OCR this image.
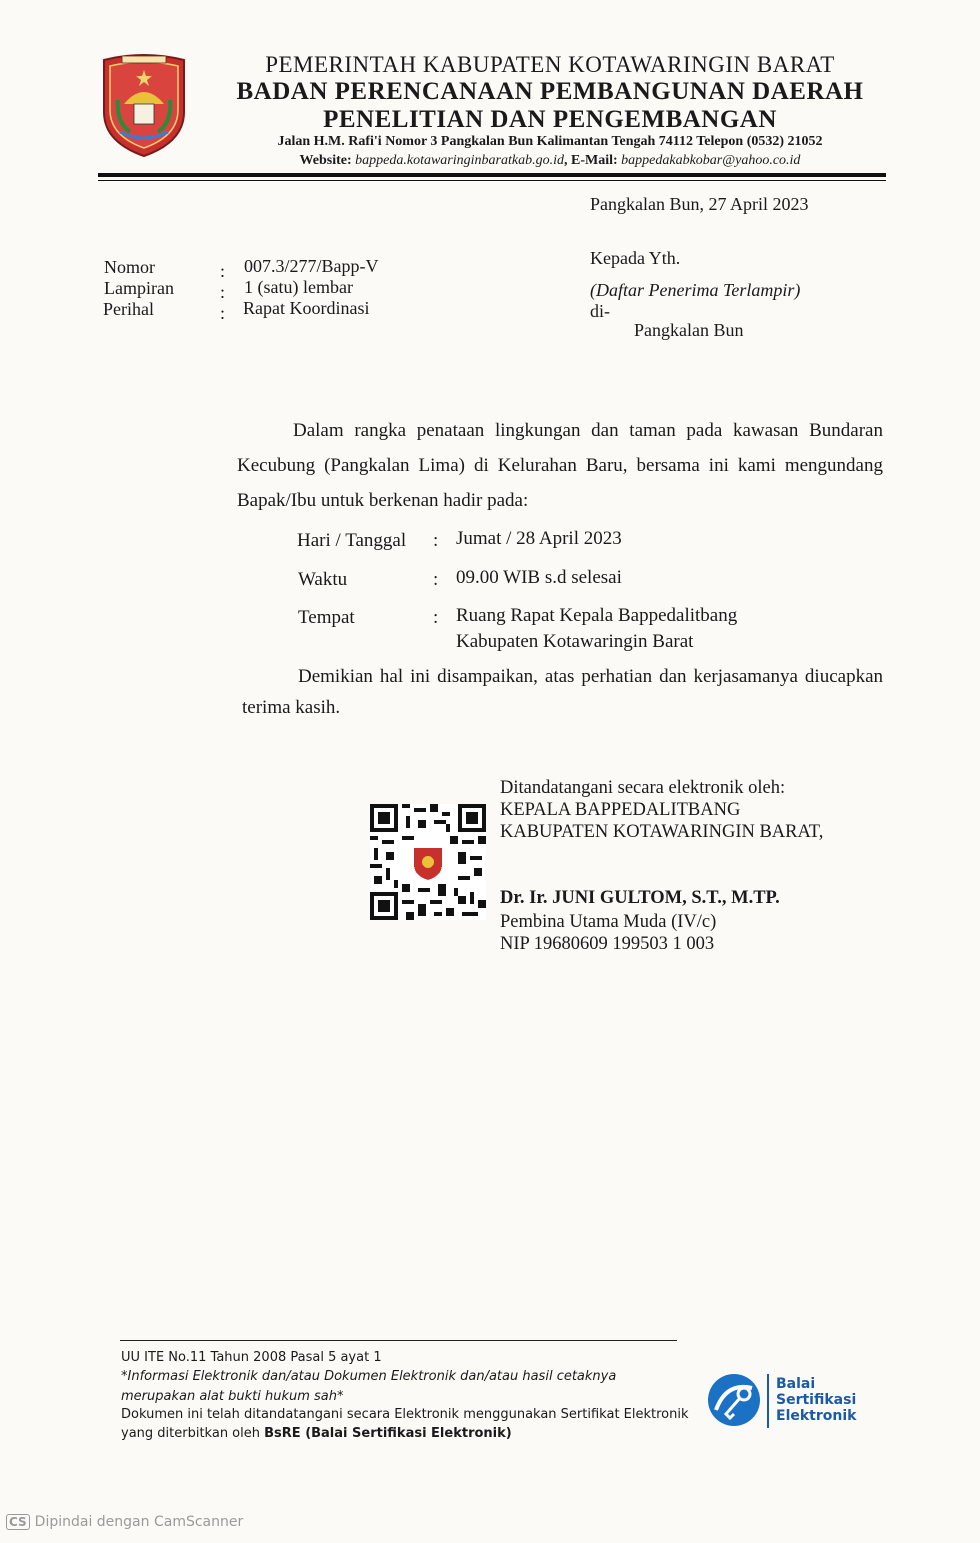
PEMERINTAH KABUPATEN KOTAWARINGIN BARAT
BADAN PERENCANAAN PEMBANGUNAN DAERAH
PENELITIAN DAN PENGEMBANGAN
Jalan H.M. Rafi'i Nomor 3 Pangkalan Bun Kalimantan Tengah 74112 Telepon (0532) 21052
Website: bappeda.kotawaringinbaratkab.go.id, E-Mail: bappedakabkobar@yahoo.co.id
Pangkalan Bun, 27 April 2023
Nomor	: 007.3/277/Bapp-V
Lampiran	: 1 (satu) lembar
Perihal	: Rapat Koordinasi
Kepada Yth.
(Daftar Penerima Terlampir)
di-
Pangkalan Bun
Dalam rangka penataan lingkungan dan taman pada kawasan Bundaran Kecubung (Pangkalan Lima) di Kelurahan Baru, bersama ini kami mengundang Bapak/Ibu untuk berkenan hadir pada:
Hari / Tanggal : Jumat / 28 April 2023
Waktu	: 09.00 WIB s.d selesai
Tempat	: Ruang Rapat Kepala Bappedalitbang
Kabupaten Kotawaringin Barat
Demikian hal ini disampaikan, atas perhatian dan kerjasamanya diucapkan terima kasih.
Ditandatangani secara elektronik oleh:
KEPALA BAPPEDALITBANG
KABUPATEN KOTAWARINGIN BARAT,
Dr. Ir. JUNI GULTOM, S.T., M.TP.
Pembina Utama Muda (IV/c)
NIP 19680609 199503 1 003
UU ITE No.11 Tahun 2008 Pasal 5 ayat 1
*Informasi Elektronik dan/atau Dokumen Elektronik dan/atau hasil cetaknya
merupakan alat bukti hukum sah*
Dokumen ini telah ditandatangani secara Elektronik menggunakan Sertifikat Elektronik
yang diterbitkan oleh BsRE (Balai Sertifikasi Elektronik)
Balai
Sertifikasi
Elektronik
CS Dipindai dengan CamScanner
